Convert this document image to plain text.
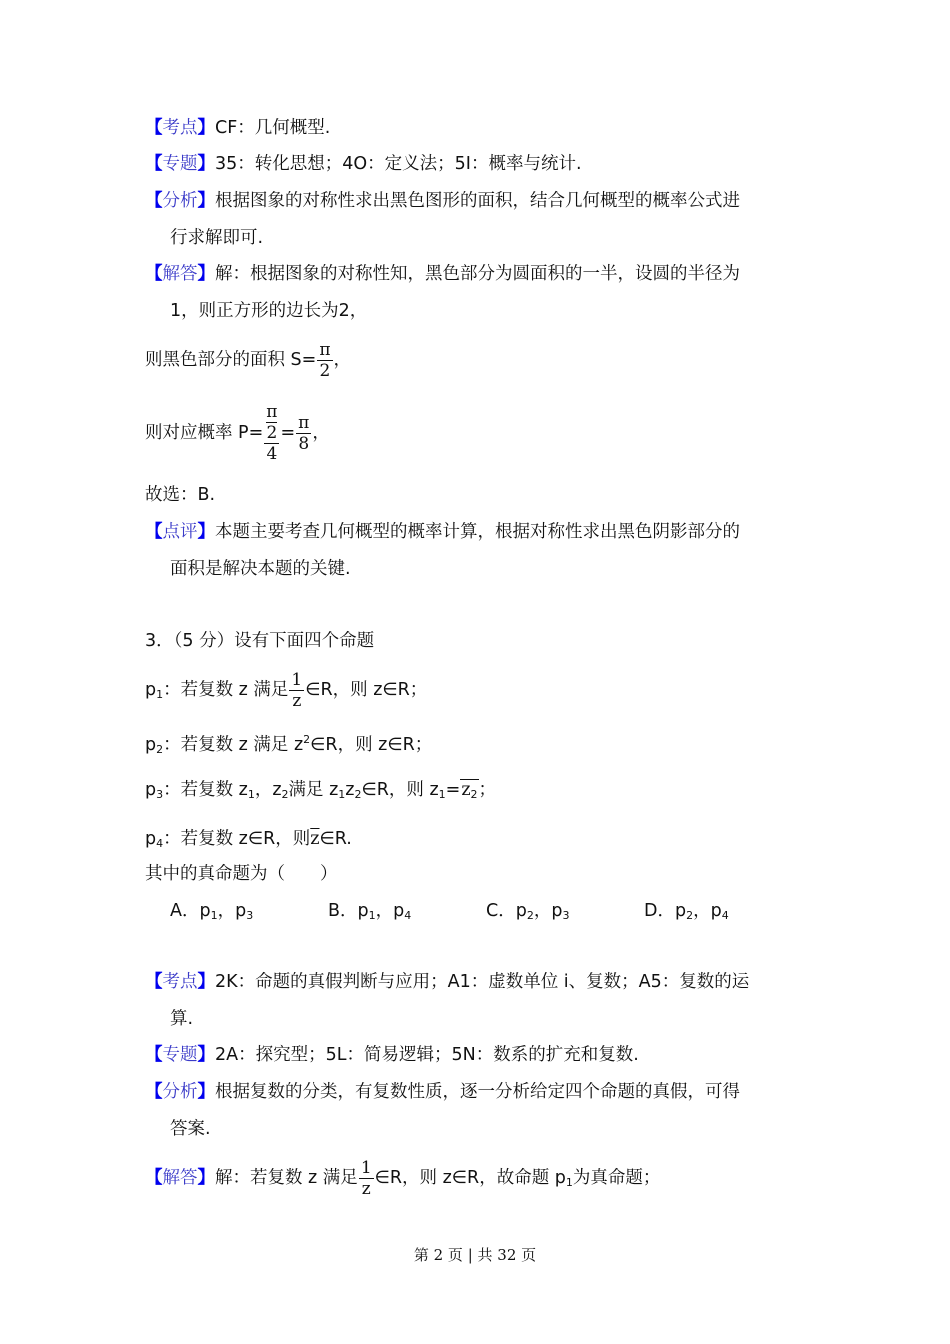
【考点】CF：几何概型.
【专题】35：转化思想；4O：定义法；5I：概率与统计.
【分析】根据图象的对称性求出黑色图形的面积，结合几何概型的概率公式进
行求解即可.
【解答】解：根据图象的对称性知，黑色部分为圆面积的一半，设圆的半径为
1，则正方形的边长为2，
则黑色部分的面积 $S= \frac{\pi}{2}$ ，
则对应概率 P= π
2
$4 = \frac{\pi}{8}$ ，
故选：B.
【点评】本题主要考查几何概型的概率计算，根据对称性求出黑色阴影部分的
面积是解决本题的关键.
3．（5 分）设有下面四个命题
$p_1$：若复数 z 满足 $\frac{1}{z}$ ∈R，则 z∈R；
$p_2$：若复数 z 满足 $z^2\in R$，则 z∈R；
$p_3$：若复数 $z_1$，$z_2$满足 $z_1z_2\in R$，则 $z_1=z_2$；
$p_4$：若复数 z∈R，则$\overline{z}\in R$.
其中的真命题为（　　）
A．$p_1$，$p_3$	B．$p_1$，$p_4$	C．$p_2$，$p_3$	D．$p_2$，$p_4$
【考点】2K：命题的真假判断与应用；A1：虚数单位 i、复数；A5：复数的运
算.
【专题】2A：探究型；5L：简易逻辑；5N：数系的扩充和复数.
【分析】根据复数的分类，有复数性质，逐一分析给定四个命题的真假，可得
答案.
【解答】解：若复数 z 满足 $\frac{1}{z}$ ∈R，则 z∈R，故命题 $p_1$为真命题；
第 2 页 | 共 32 页
